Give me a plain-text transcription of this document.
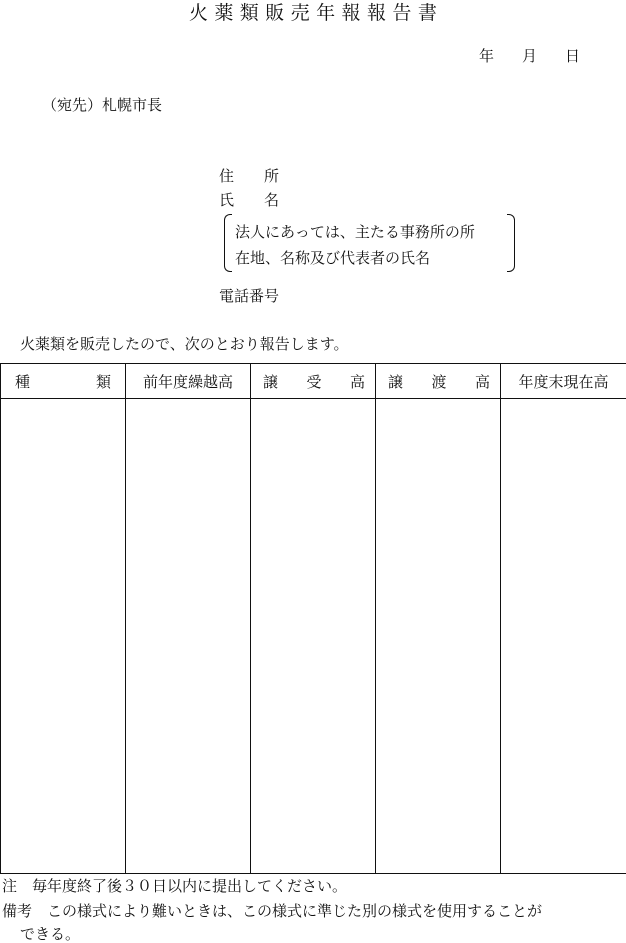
火 薬 類 販 売 年 報 報 告 書
年 月 日
（宛先）札幌市長
住　　所
氏　　名
法人にあっては、主たる事務所の所
在地、名称及び代表者の氏名
電話番号
火薬類を販売したので、次のとおり報告します。
種 類	前年度繰越高	譲 受 高	譲 渡 高	年度末現在高

注　毎年度終了後３０日以内に提出してください。
備考　この様式により難いときは、この様式に準じた別の様式を使用することが
できる。
